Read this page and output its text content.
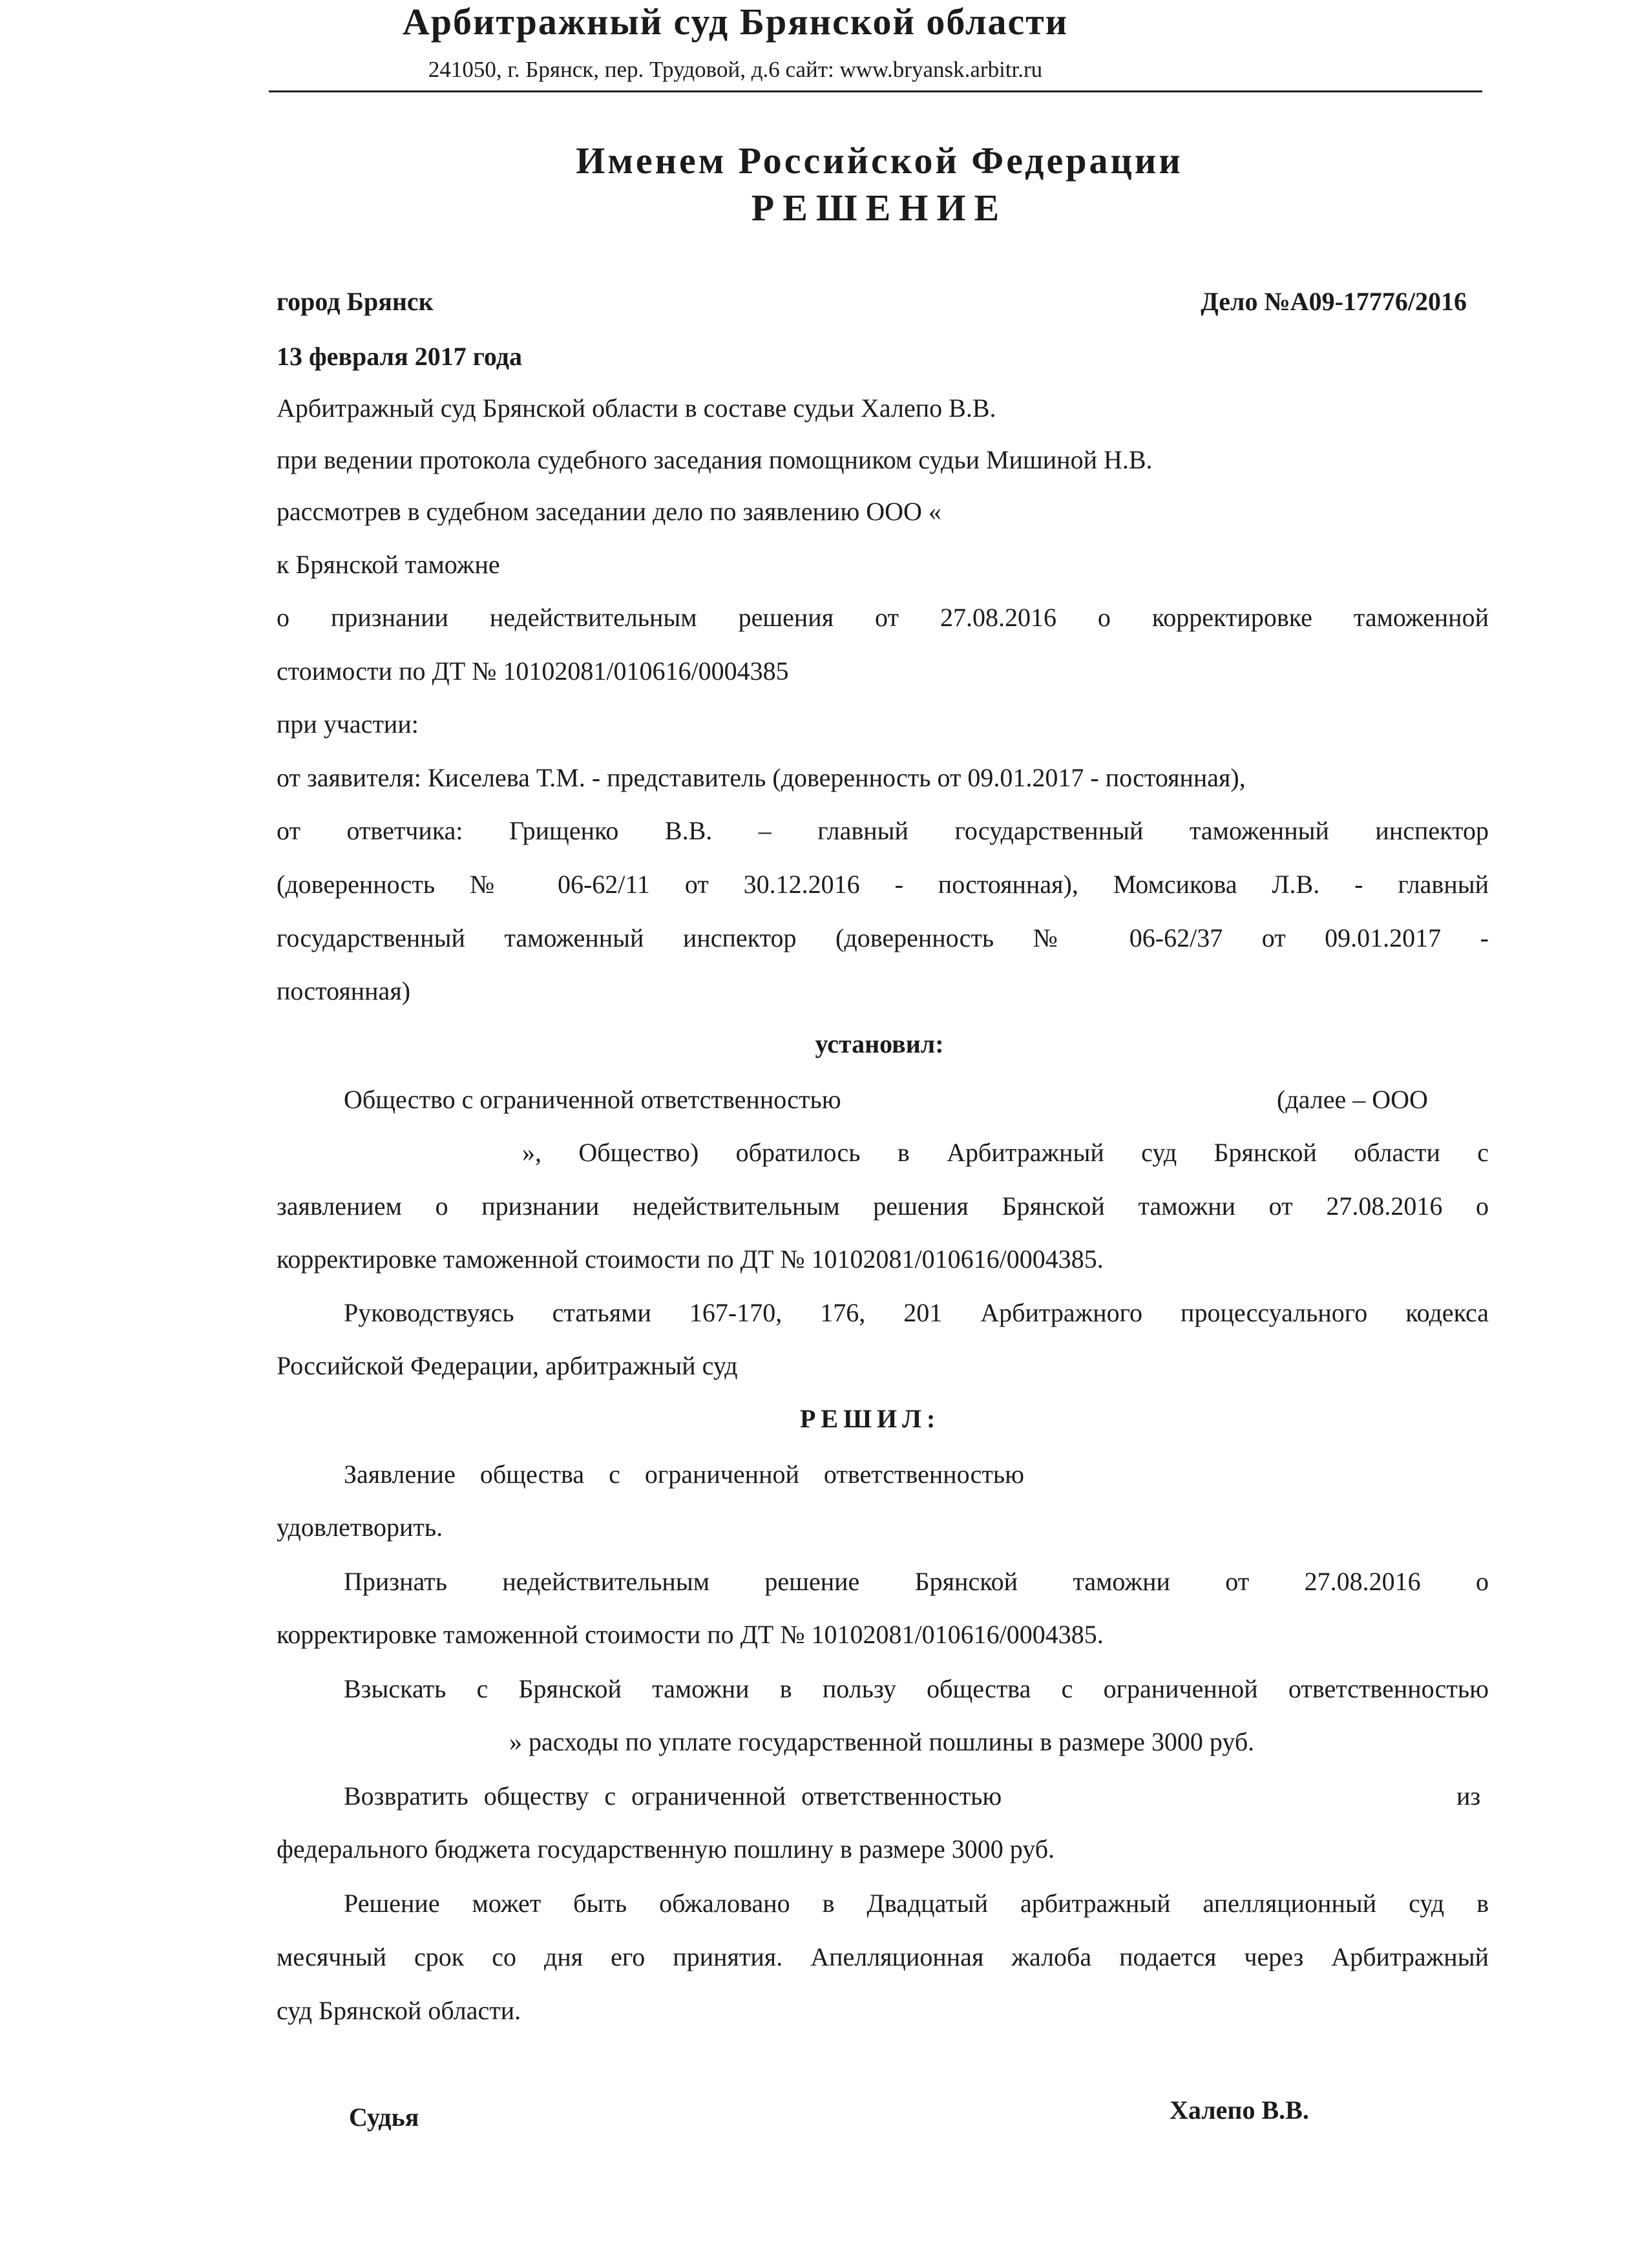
Арбитражный суд Брянской области
241050, г. Брянск, пер. Трудовой, д.6 сайт: www.bryansk.arbitr.ru
Именем Российской Федерации
РЕШЕНИЕ
город Брянск	Дело №А09-17776/2016
13 февраля 2017 года
Арбитражный суд Брянской области в составе судьи Халепо В.В.
при ведении протокола судебного заседания помощником судьи Мишиной Н.В.
рассмотрев в судебном заседании дело по заявлению ООО «
к Брянской таможне
о признании недействительным решения от 27.08.2016 о корректировке таможенной
стоимости по ДТ № 10102081/010616/0004385
при участии:
от заявителя: Киселева Т.М. - представитель (доверенность от 09.01.2017 - постоянная),
от ответчика: Грищенко В.В. – главный государственный таможенный инспектор
(доверенность № 06-62/11 от 30.12.2016 - постоянная), Момсикова Л.В. - главный
государственный таможенный инспектор (доверенность № 06-62/37 от 09.01.2017 -
постоянная)
установил:
Общество с ограниченной ответственностью	(далее – ООО
», Общество) обратилось в Арбитражный суд Брянской области с
заявлением о признании недействительным решения Брянской таможни от 27.08.2016 о
корректировке таможенной стоимости по ДТ № 10102081/010616/0004385.
Руководствуясь статьями 167-170, 176, 201 Арбитражного процессуального кодекса
Российской Федерации, арбитражный суд
РЕШИЛ:
Заявление общества с ограниченной ответственностью
удовлетворить.
Признать недействительным решение Брянской таможни от 27.08.2016 о
корректировке таможенной стоимости по ДТ № 10102081/010616/0004385.
Взыскать с Брянской таможни в пользу общества с ограниченной ответственностью
» расходы по уплате государственной пошлины в размере 3000 руб.
Возвратить обществу с ограниченной ответственностью	из
федерального бюджета государственную пошлину в размере 3000 руб.
Решение может быть обжаловано в Двадцатый арбитражный апелляционный суд в
месячный срок со дня его принятия. Апелляционная жалоба подается через Арбитражный
суд Брянской области.
Судья	Халепо В.В.
